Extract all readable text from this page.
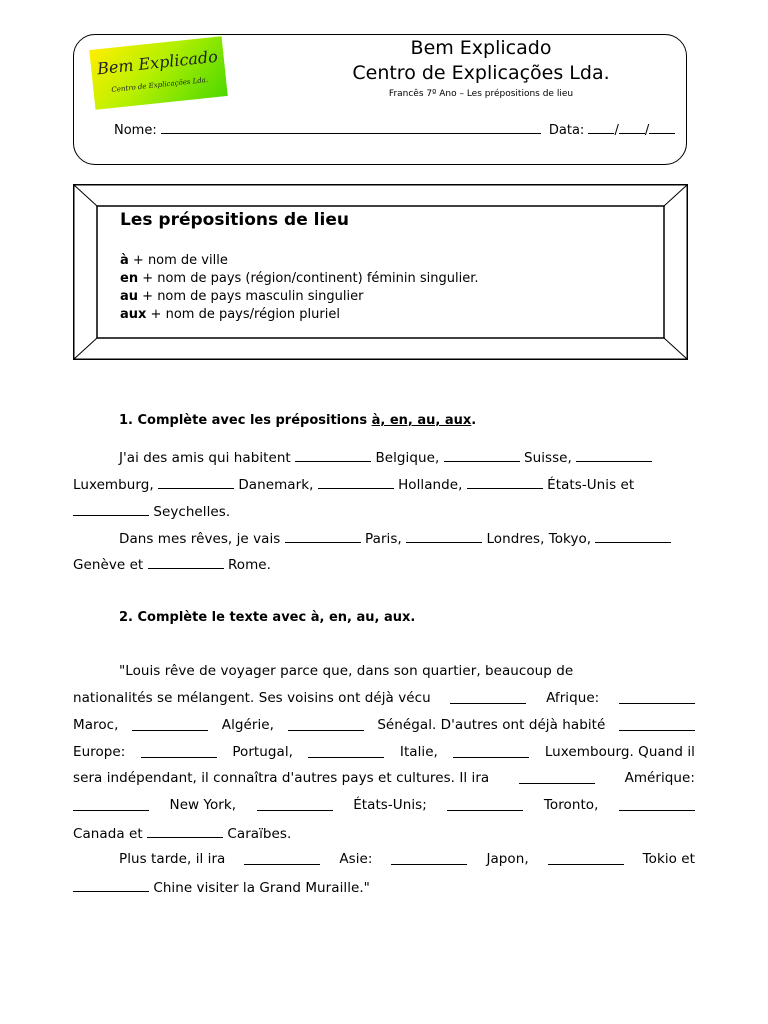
Bem Explicado
Centro de Explicações Lda.
Bem Explicado
Centro de Explicações Lda.
Francês 7º Ano – Les prépositions de lieu
Nome:	Data: / /
Les prépositions de lieu
à + nom de ville
en + nom de pays (région/continent) féminin singulier.
au + nom de pays masculin singulier
aux + nom de pays/région pluriel
1. Complète avec les prépositions à, en, au, aux.
J'ai des amis qui habitent	Belgique,	Suisse,
Luxemburg,	Danemark,	Hollande,	États-Unis et
Seychelles.
Dans mes rêves, je vais	Paris,	Londres, Tokyo,
Genève et	Rome.
2. Complète le texte avec à, en, au, aux.
"Louis rêve de voyager parce que, dans son quartier, beaucoup de
nationalités se mélangent. Ses voisins ont déjà vécu	Afrique:
Maroc,	Algérie,	Sénégal. D'autres ont déjà habité
Europe:	Portugal,	Italie,	Luxembourg. Quand il
sera indépendant, il connaîtra d'autres pays et cultures. Il ira	Amérique:
New York,	États-Unis;	Toronto,
Canada et	Caraïbes.
Plus tarde, il ira	Asie:	Japon,	Tokio et
Chine visiter la Grand Muraille."
